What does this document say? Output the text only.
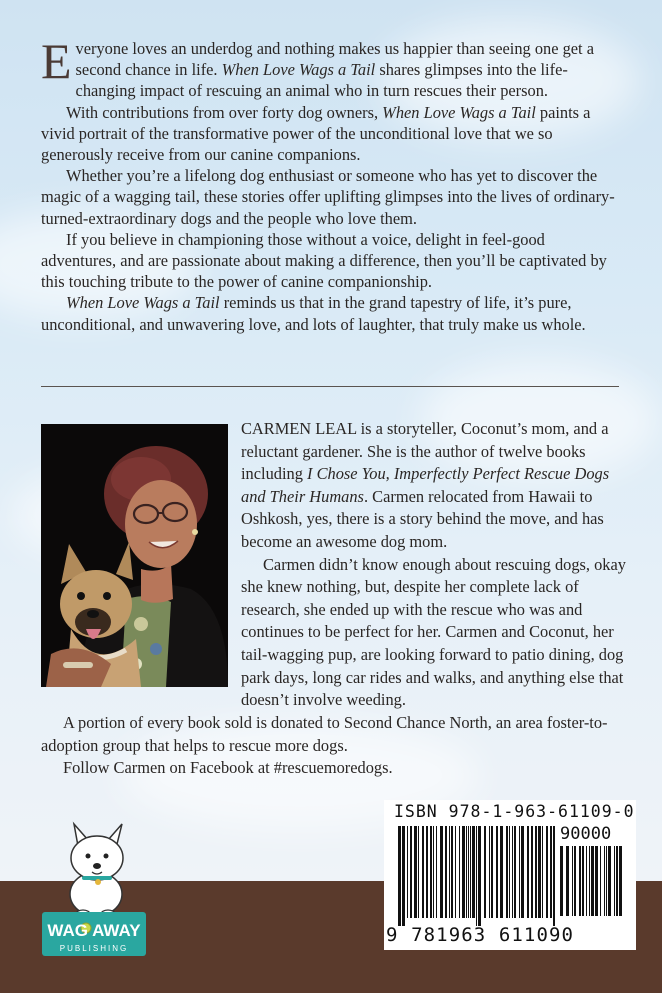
Everyone loves an underdog and nothing makes us happier than seeing one get a second chance in life. When Love Wags a Tail shares glimpses into the life-changing impact of rescuing an animal who in turn rescues their person.

With contributions from over forty dog owners, When Love Wags a Tail paints a vivid portrait of the transformative power of the unconditional love that we so generously receive from our canine companions.

Whether you’re a lifelong dog enthusiast or someone who has yet to discover the magic of a wagging tail, these stories offer uplifting glimpses into the lives of ordinary-turned-extraordinary dogs and the people who love them.

If you believe in championing those without a voice, delight in feel-good adventures, and are passionate about making a difference, then you’ll be captivated by this touching tribute to the power of canine companionship.

When Love Wags a Tail reminds us that in the grand tapestry of life, it’s pure, unconditional, and unwavering love, and lots of laughter, that truly make us whole.

CARMEN LEAL is a storyteller, Coconut’s mom, and a reluctant gardener. She is the author of twelve books including I Chose You, Imperfectly Perfect Rescue Dogs and Their Humans. Carmen relocated from Hawaii to Oshkosh, yes, there is a story behind the move, and has become an awesome dog mom.

Carmen didn’t know enough about rescuing dogs, okay she knew nothing, but, despite her complete lack of research, she ended up with the rescue who was and continues to be perfect for her. Carmen and Coconut, her tail-wagging pup, are looking forward to patio dining, dog park days, long car rides and walks, and anything else that doesn’t involve weeding.

A portion of every book sold is donated to Second Chance North, an area foster-to-adoption group that helps to rescue more dogs.

Follow Carmen on Facebook at #rescuemoredogs.

WAG AWAY
PUBLISHING
ISBN 978-1-963-61109-0
90000
9 781963 611090
